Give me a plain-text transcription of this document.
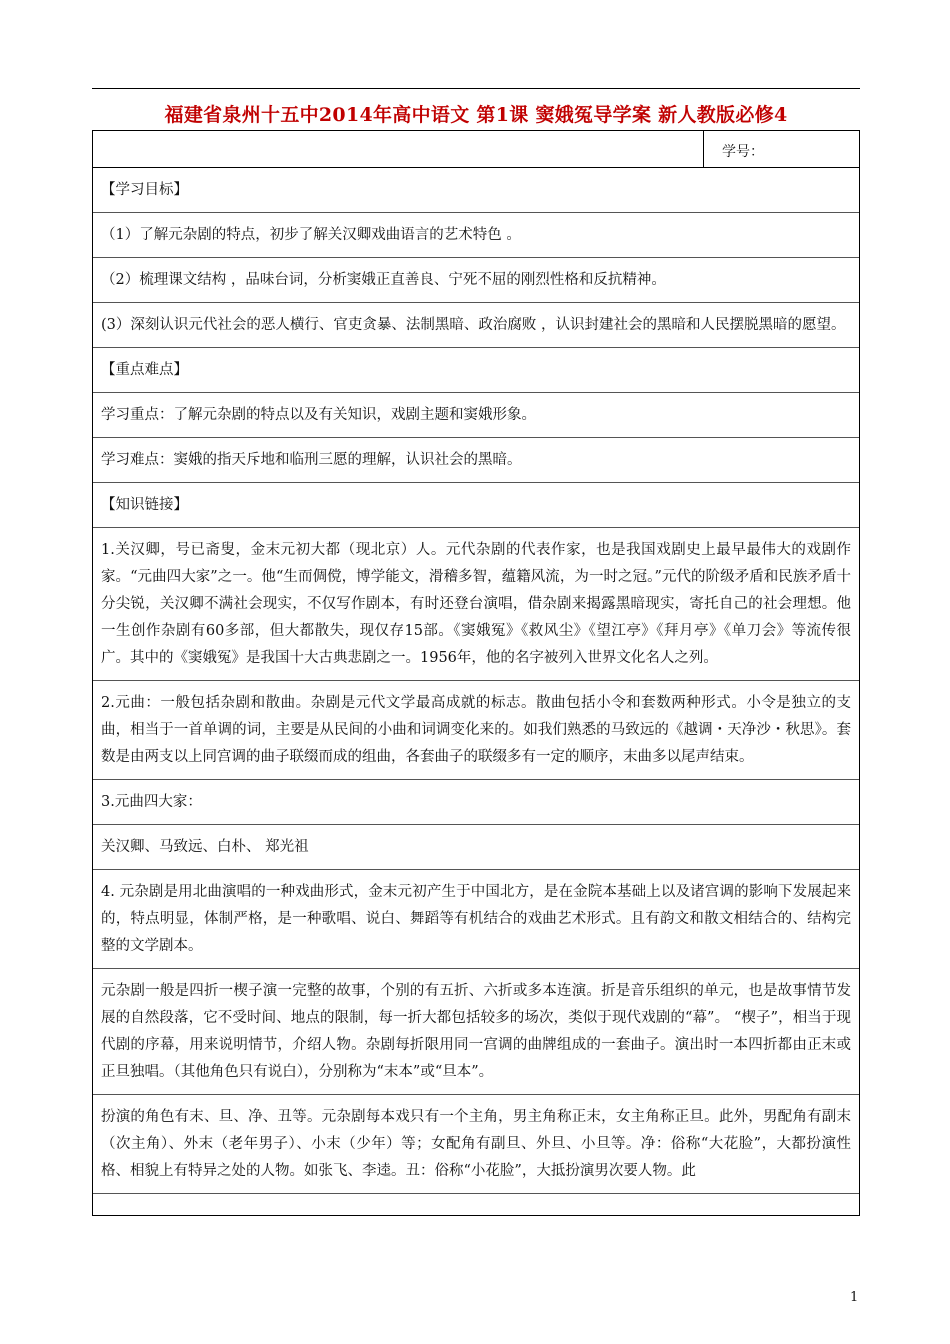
福建省泉州十五中2014年高中语文 第1课 窦娥冤导学案 新人教版必修4
学号：
【学习目标】
（1）了解元杂剧的特点，初步了解关汉卿戏曲语言的艺术特色 。
（2）梳理课文结构 ，品味台词，分析窦娥正直善良、宁死不屈的刚烈性格和反抗精神。
(3）深刻认识元代社会的恶人横行、官吏贪暴、法制黑暗、政治腐败 ，认识封建社会的黑暗和人民摆脱黑暗的愿望。
【重点难点】
学习重点：了解元杂剧的特点以及有关知识，戏剧主题和窦娥形象。
学习难点：窦娥的指天斥地和临刑三愿的理解，认识社会的黑暗。
【知识链接】
1.关汉卿，号已斋叟，金末元初大都（现北京）人。元代杂剧的代表作家，也是我国戏剧史上最早最伟大的戏剧作家。“元曲四大家”之一。他“生而倜傥，博学能文，滑稽多智，蕴籍风流，为一时之冠。”元代的阶级矛盾和民族矛盾十分尖锐，关汉卿不满社会现实，不仅写作剧本，有时还登台演唱，借杂剧来揭露黑暗现实，寄托自己的社会理想。他一生创作杂剧有60多部，但大都散失，现仅存15部。《窦娥冤》《救风尘》《望江亭》《拜月亭》《单刀会》等流传很广。其中的《窦娥冤》是我国十大古典悲剧之一。1956年，他的名字被列入世界文化名人之列。
2.元曲：一般包括杂剧和散曲。杂剧是元代文学最高成就的标志。散曲包括小令和套数两种形式。小令是独立的支曲，相当于一首单调的词，主要是从民间的小曲和词调变化来的。如我们熟悉的马致远的《越调・天净沙・秋思》。套数是由两支以上同宫调的曲子联缀而成的组曲，各套曲子的联缀多有一定的顺序，末曲多以尾声结束。
3.元曲四大家：
关汉卿、马致远、白朴、 郑光祖
4. 元杂剧是用北曲演唱的一种戏曲形式，金末元初产生于中国北方，是在金院本基础上以及诸宫调的影响下发展起来的，特点明显，体制严格，是一种歌唱、说白、舞蹈等有机结合的戏曲艺术形式。且有韵文和散文相结合的、结构完整的文学剧本。
元杂剧一般是四折一楔子演一完整的故事，个别的有五折、六折或多本连演。折是音乐组织的单元，也是故事情节发展的自然段落，它不受时间、地点的限制，每一折大都包括较多的场次，类似于现代戏剧的“幕”。 “楔子”，相当于现代剧的序幕，用来说明情节，介绍人物。杂剧每折限用同一宫调的曲牌组成的一套曲子。演出时一本四折都由正末或正旦独唱。（其他角色只有说白），分别称为“末本”或“旦本”。
扮演的角色有末、旦、净、丑等。元杂剧每本戏只有一个主角，男主角称正末，女主角称正旦。此外，男配角有副末（次主角）、外末（老年男子）、小末（少年）等；女配角有副旦、外旦、小旦等。净：俗称“大花脸”，大都扮演性格、相貌上有特异之处的人物。如张飞、李逵。丑：俗称“小花脸”，大抵扮演男次要人物。此
1
